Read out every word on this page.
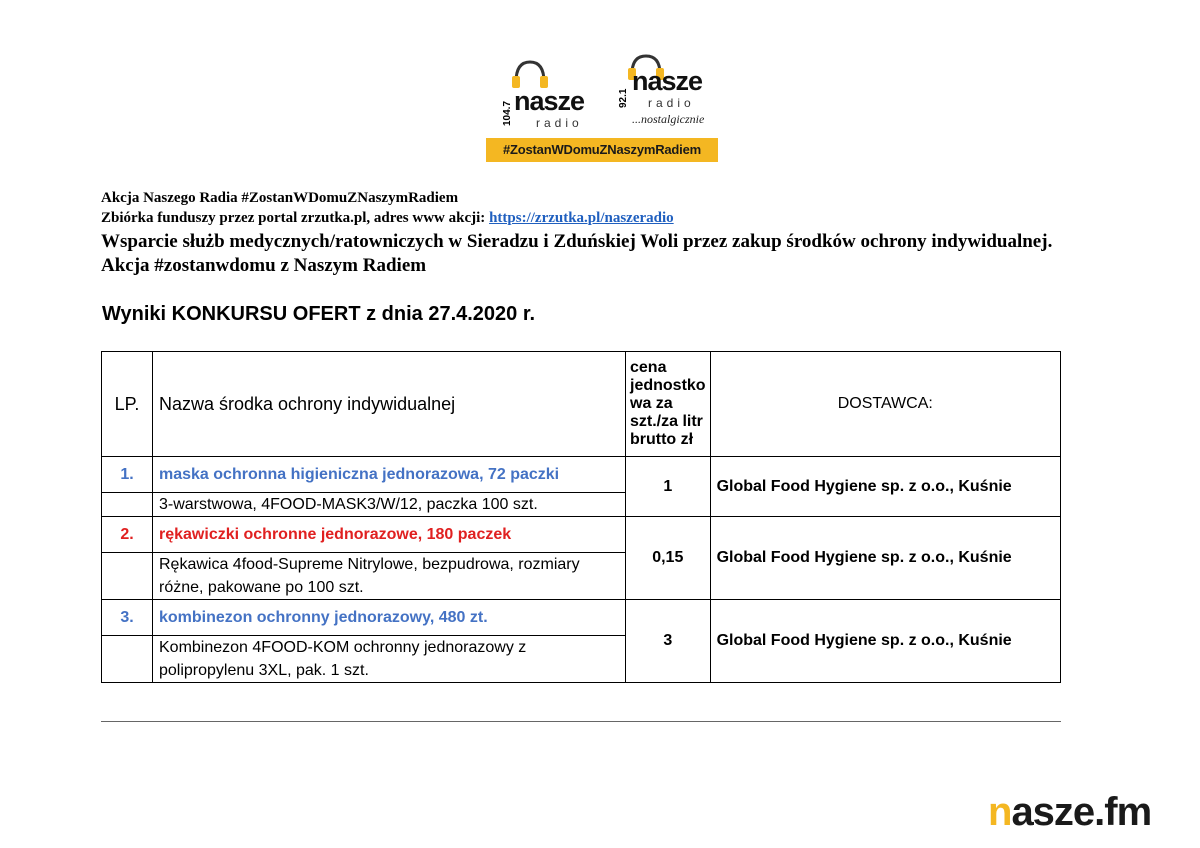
104.7 nasze
radio
92.1
nasze
radio
...nostalgicznie
#ZostanWDomuZNaszymRadiem
Akcja Naszego Radia #ZostanWDomuZNaszymRadiem
Zbiórka funduszy przez portal zrzutka.pl, adres www akcji: https://zrzutka.pl/naszeradio
Wsparcie służb medycznych/ratowniczych w Sieradzu i Zduńskiej Woli przez zakup środków ochrony indywidualnej. Akcja #zostanwdomu z Naszym Radiem
Wyniki KONKURSU OFERT z dnia 27.4.2020 r.
LP.	Nazwa środka ochrony indywidualnej	cena
jednostko
wa za
szt./za litr
brutto zł	DOSTAWCA:
1.	maska ochronna higieniczna jednorazowa, 72 paczki	1	Global Food Hygiene sp. z o.o., Kuśnie
	3-warstwowa, 4FOOD-MASK3/W/12, paczka 100 szt.		
2.	rękawiczki ochronne jednorazowe, 180 paczek	0,15	Global Food Hygiene sp. z o.o., Kuśnie
	Rękawica 4food-Supreme Nitrylowe, bezpudrowa, rozmiary różne, pakowane po 100 szt.		
3.	kombinezon ochronny jednorazowy, 480 zt.	3	Global Food Hygiene sp. z o.o., Kuśnie
	Kombinezon 4FOOD-KOM ochronny jednorazowy z polipropylenu 3XL, pak. 1 szt.		
nasze.fm
